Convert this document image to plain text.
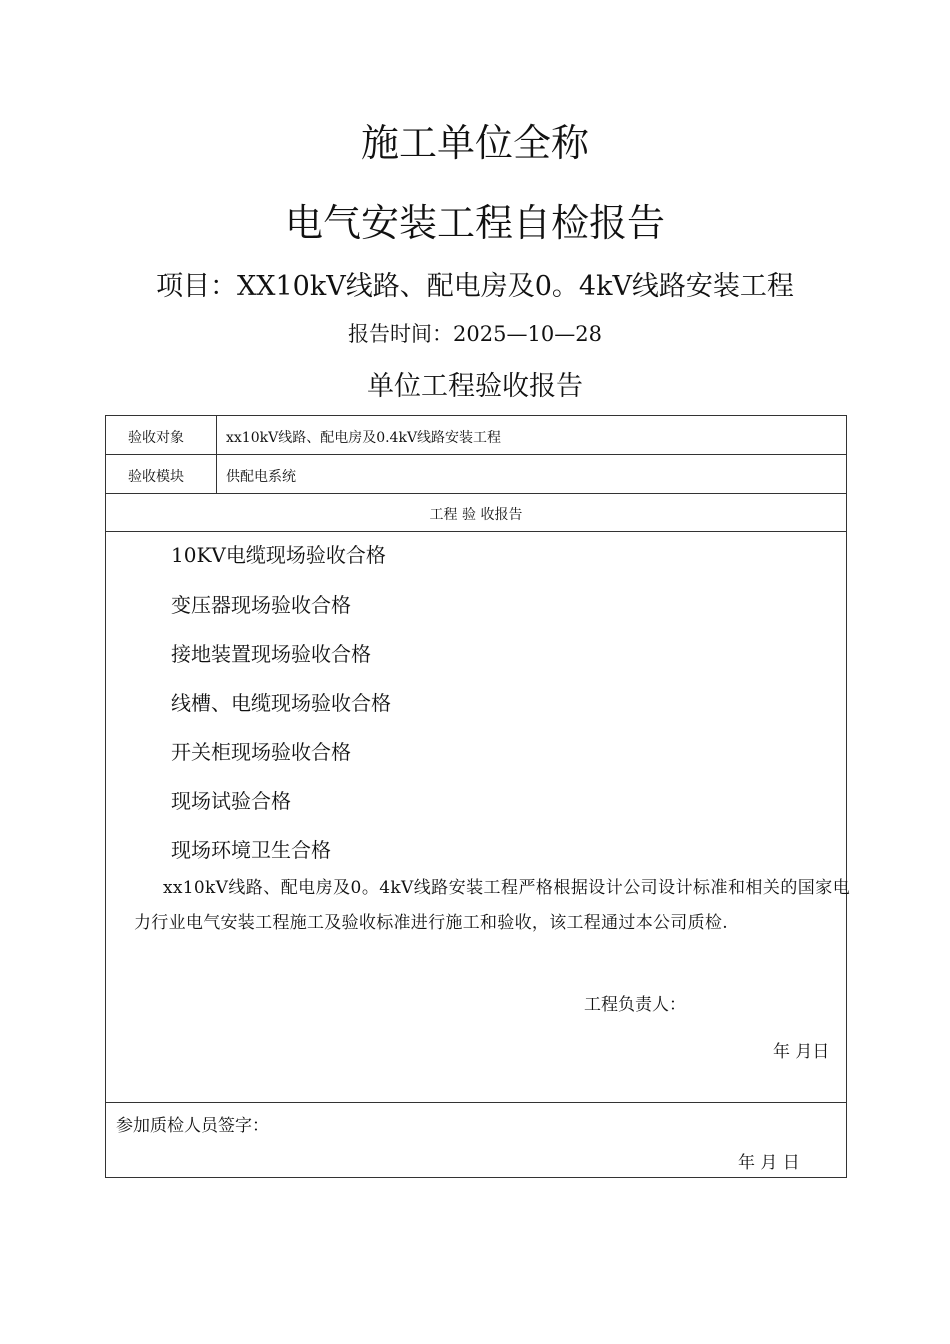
施工单位全称
电气安装工程自检报告
项目：XX10kV线路、配电房及0。4kV线路安装工程
报告时间：2025—10—28
单位工程验收报告
验收对象	xx10kV线路、配电房及0.4kV线路安装工程
验收模块	供配电系统
工程 验 收报告
10KV电缆现场验收合格
变压器现场验收合格
接地装置现场验收合格
线槽、电缆现场验收合格
开关柜现场验收合格
现场试验合格
现场环境卫生合格
xx10kV线路、配电房及0。4kV线路安装工程严格根据设计公司设计标准和相关的国家电力行业电气安装工程施工及验收标准进行施工和验收，该工程通过本公司质检.
工程负责人：
年 月日
参加质检人员签字：
年 月 日
